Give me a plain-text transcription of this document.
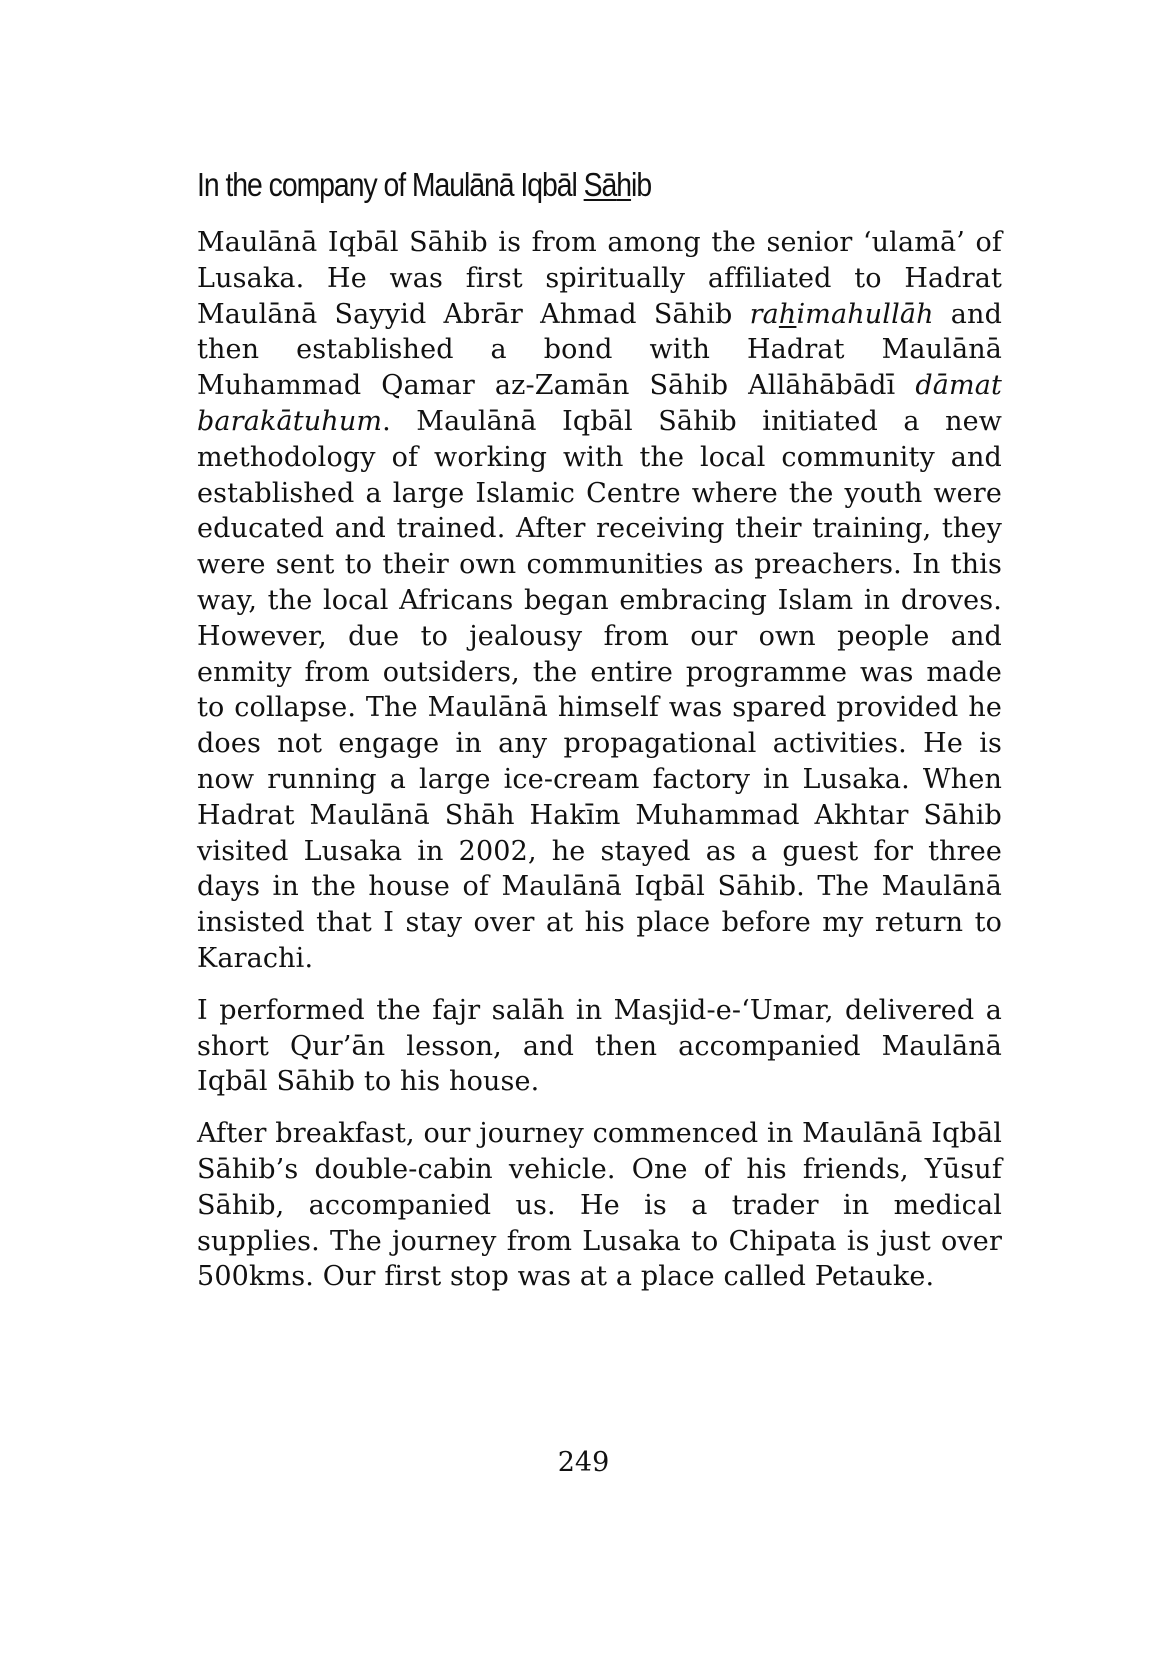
In the company of Maulānā Iqbāl Sāhib

Maulānā Iqbāl Sāhib is from among the senior ‘ulamā’ of Lusaka. He was first spiritually affiliated to Hadrat Maulānā Sayyid Abrār Ahmad Sāhib rahimahullāh and then established a bond with Hadrat Maulānā Muhammad Qamar az-Zamān Sāhib Allāhābādī dāmat barakātuhum. Maulānā Iqbāl Sāhib initiated a new methodology of working with the local community and established a large Islamic Centre where the youth were educated and trained. After receiving their training, they were sent to their own communities as preachers. In this way, the local Africans began embracing Islam in droves. However, due to jealousy from our own people and enmity from outsiders, the entire programme was made to collapse. The Maulānā himself was spared provided he does not engage in any propagational activities. He is now running a large ice-cream factory in Lusaka. When Hadrat Maulānā Shāh Hakīm Muhammad Akhtar Sāhib visited Lusaka in 2002, he stayed as a guest for three days in the house of Maulānā Iqbāl Sāhib. The Maulānā insisted that I stay over at his place before my return to Karachi.

I performed the fajr salāh in Masjid-e-‘Umar, delivered a short Qur’ān lesson, and then accompanied Maulānā Iqbāl Sāhib to his house.

After breakfast, our journey commenced in Maulānā Iqbāl Sāhib’s double-cabin vehicle. One of his friends, Yūsuf Sāhib, accompanied us. He is a trader in medical supplies. The journey from Lusaka to Chipata is just over 500kms. Our first stop was at a place called Petauke.

249
